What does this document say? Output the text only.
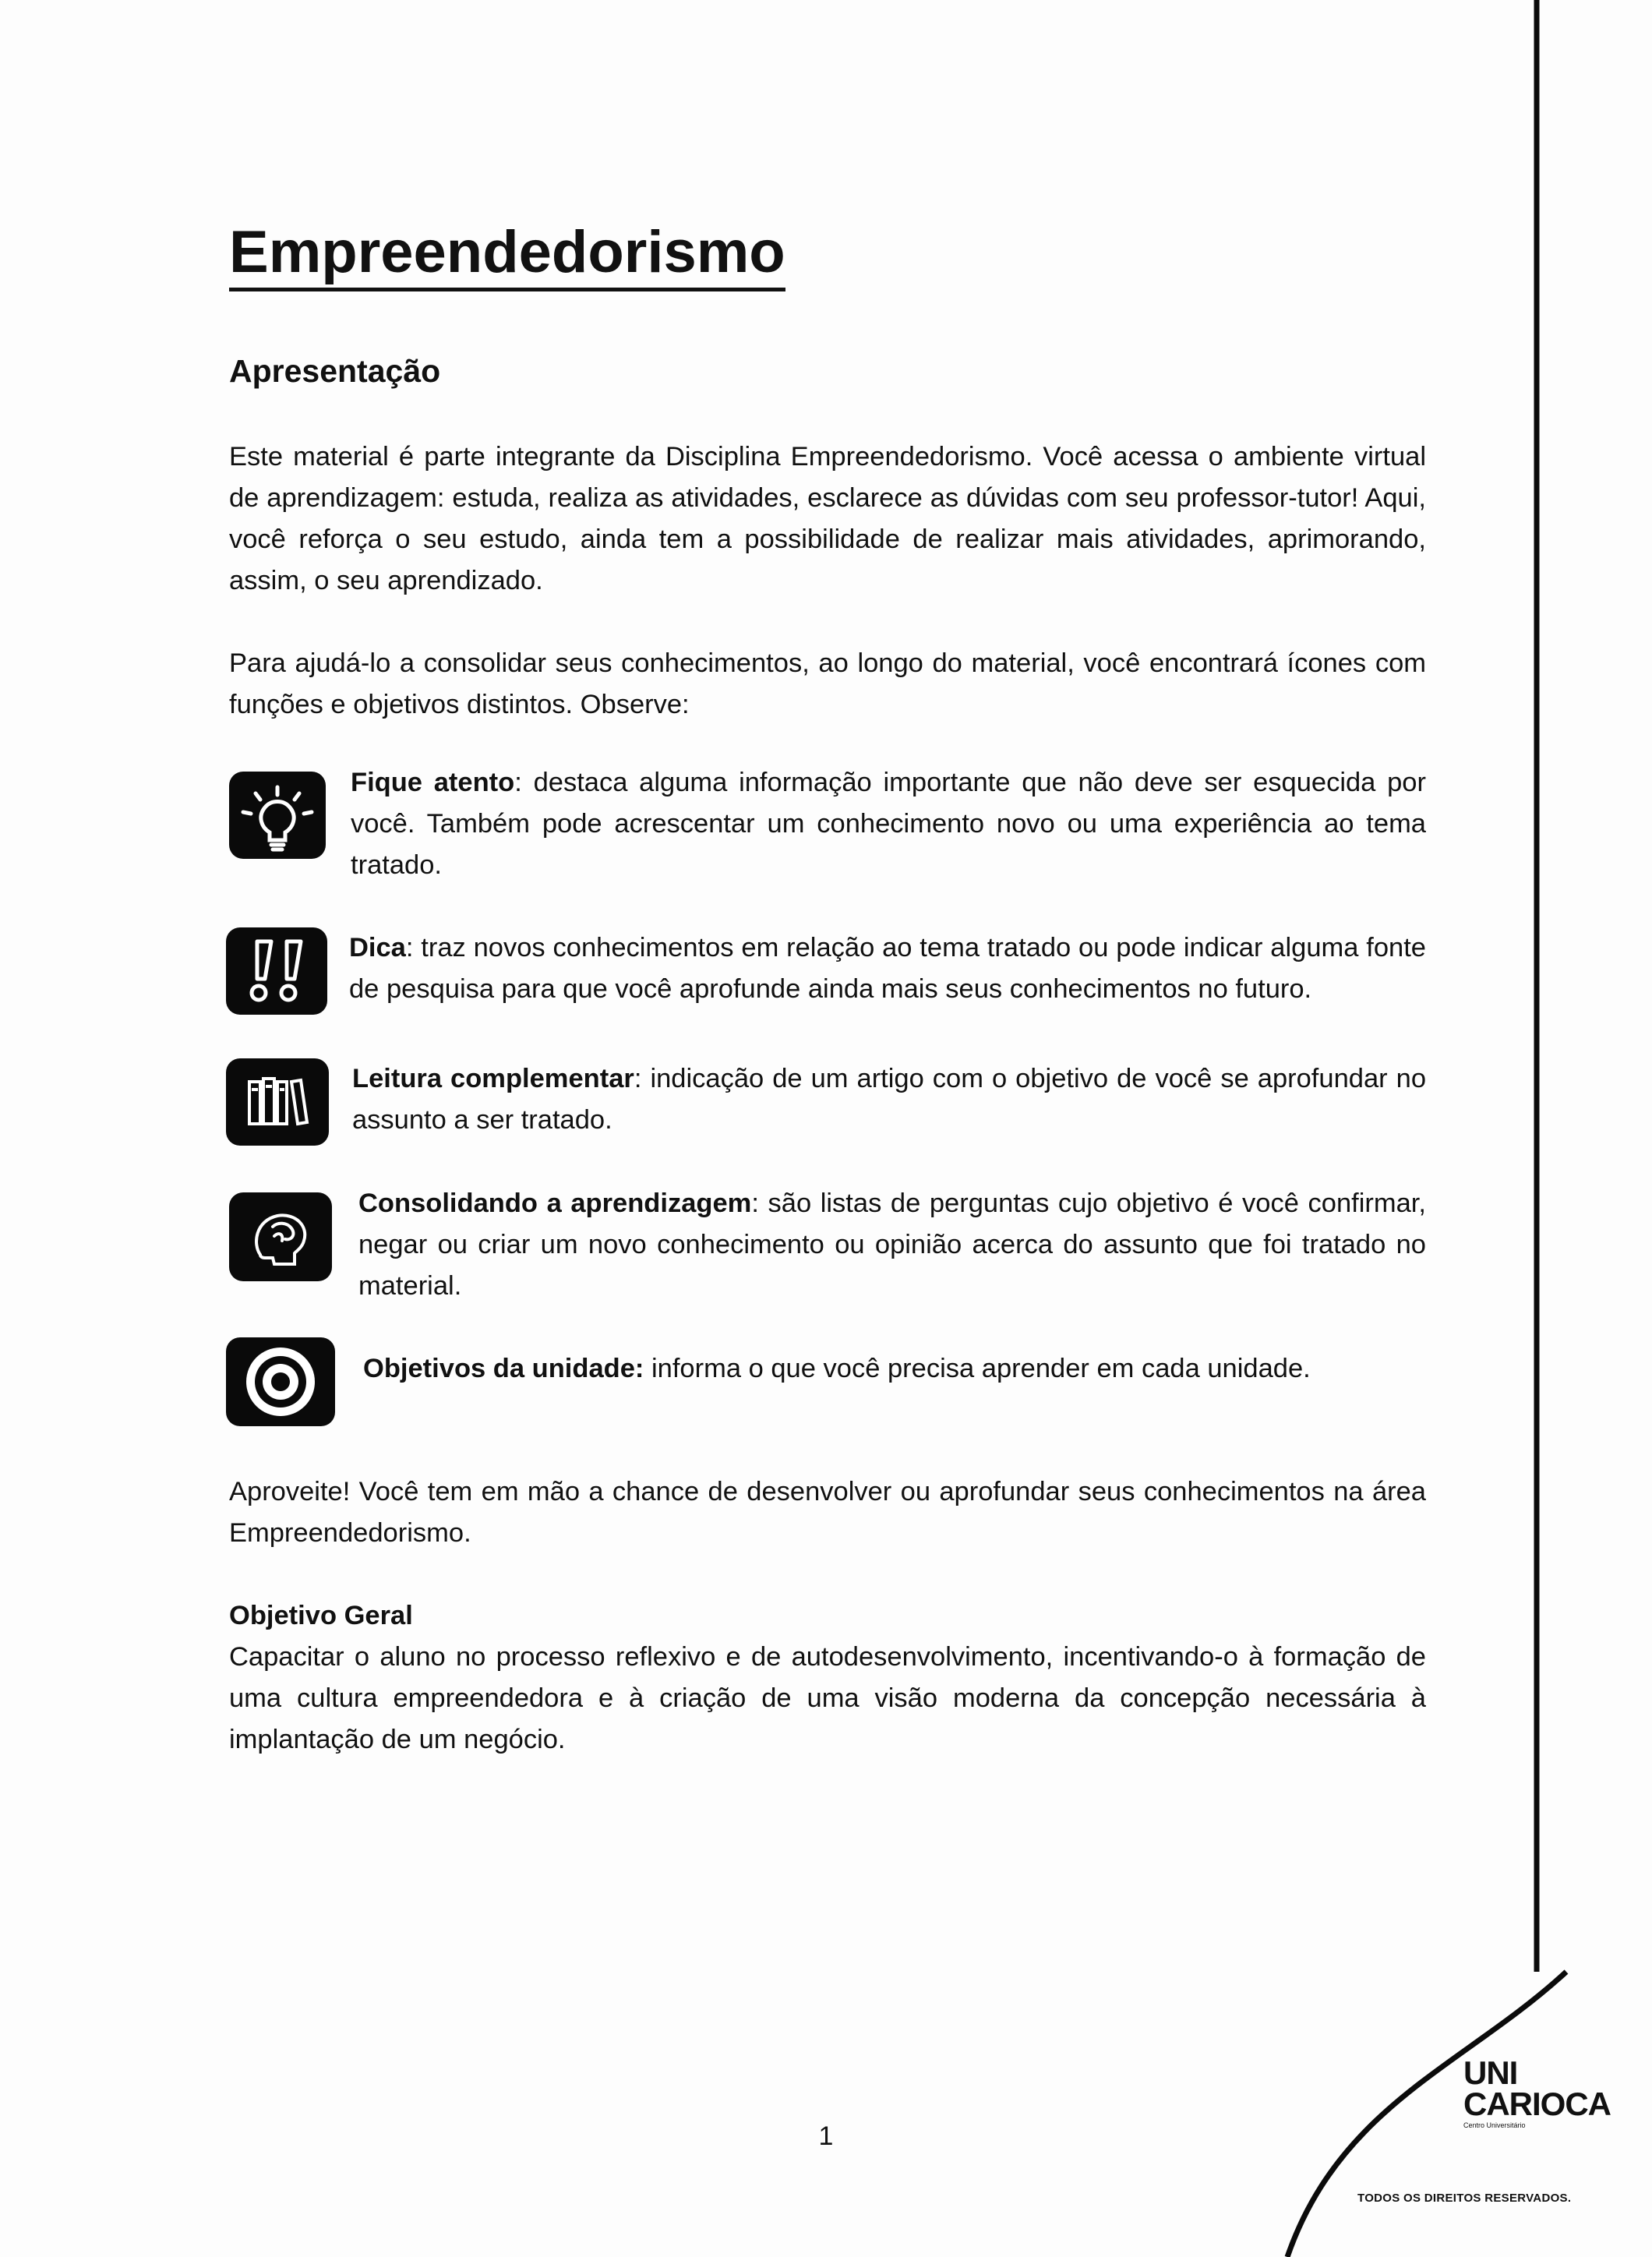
Empreendedorismo
Apresentação

Este material é parte integrante da Disciplina Empreendedorismo. Você acessa o ambiente virtual de aprendizagem: estuda, realiza as atividades, esclarece as dúvidas com seu professor-tutor! Aqui, você reforça o seu estudo, ainda tem a possibilidade de realizar mais atividades, aprimorando, assim, o seu aprendizado.

Para ajudá-lo a consolidar seus conhecimentos, ao longo do material, você encontrará ícones com funções e objetivos distintos. Observe:

Fique atento: destaca alguma informação importante que não deve ser esquecida por você. Também pode acrescentar um conhecimento novo ou uma experiência ao tema tratado.
Dica: traz novos conhecimentos em relação ao tema tratado ou pode indicar alguma fonte de pesquisa para que você aprofunde ainda mais seus conhecimentos no futuro.
Leitura complementar: indicação de um artigo com o objetivo de você se aprofundar no assunto a ser tratado.
Consolidando a aprendizagem: são listas de perguntas cujo objetivo é você confirmar, negar ou criar um novo conhecimento ou opinião acerca do assunto que foi tratado no material.
Objetivos da unidade: informa o que você precisa aprender em cada unidade.

Aproveite! Você tem em mão a chance de desenvolver ou aprofundar seus conhecimentos na área Empreendedorismo.

Objetivo Geral

Capacitar o aluno no processo reflexivo e de autodesenvolvimento, incentivando-o à formação de uma cultura empreendedora e à criação de uma visão moderna da concepção necessária à implantação de um negócio.

1
UNI
CARIOCA
Centro Universitário
TODOS OS DIREITOS RESERVADOS.
